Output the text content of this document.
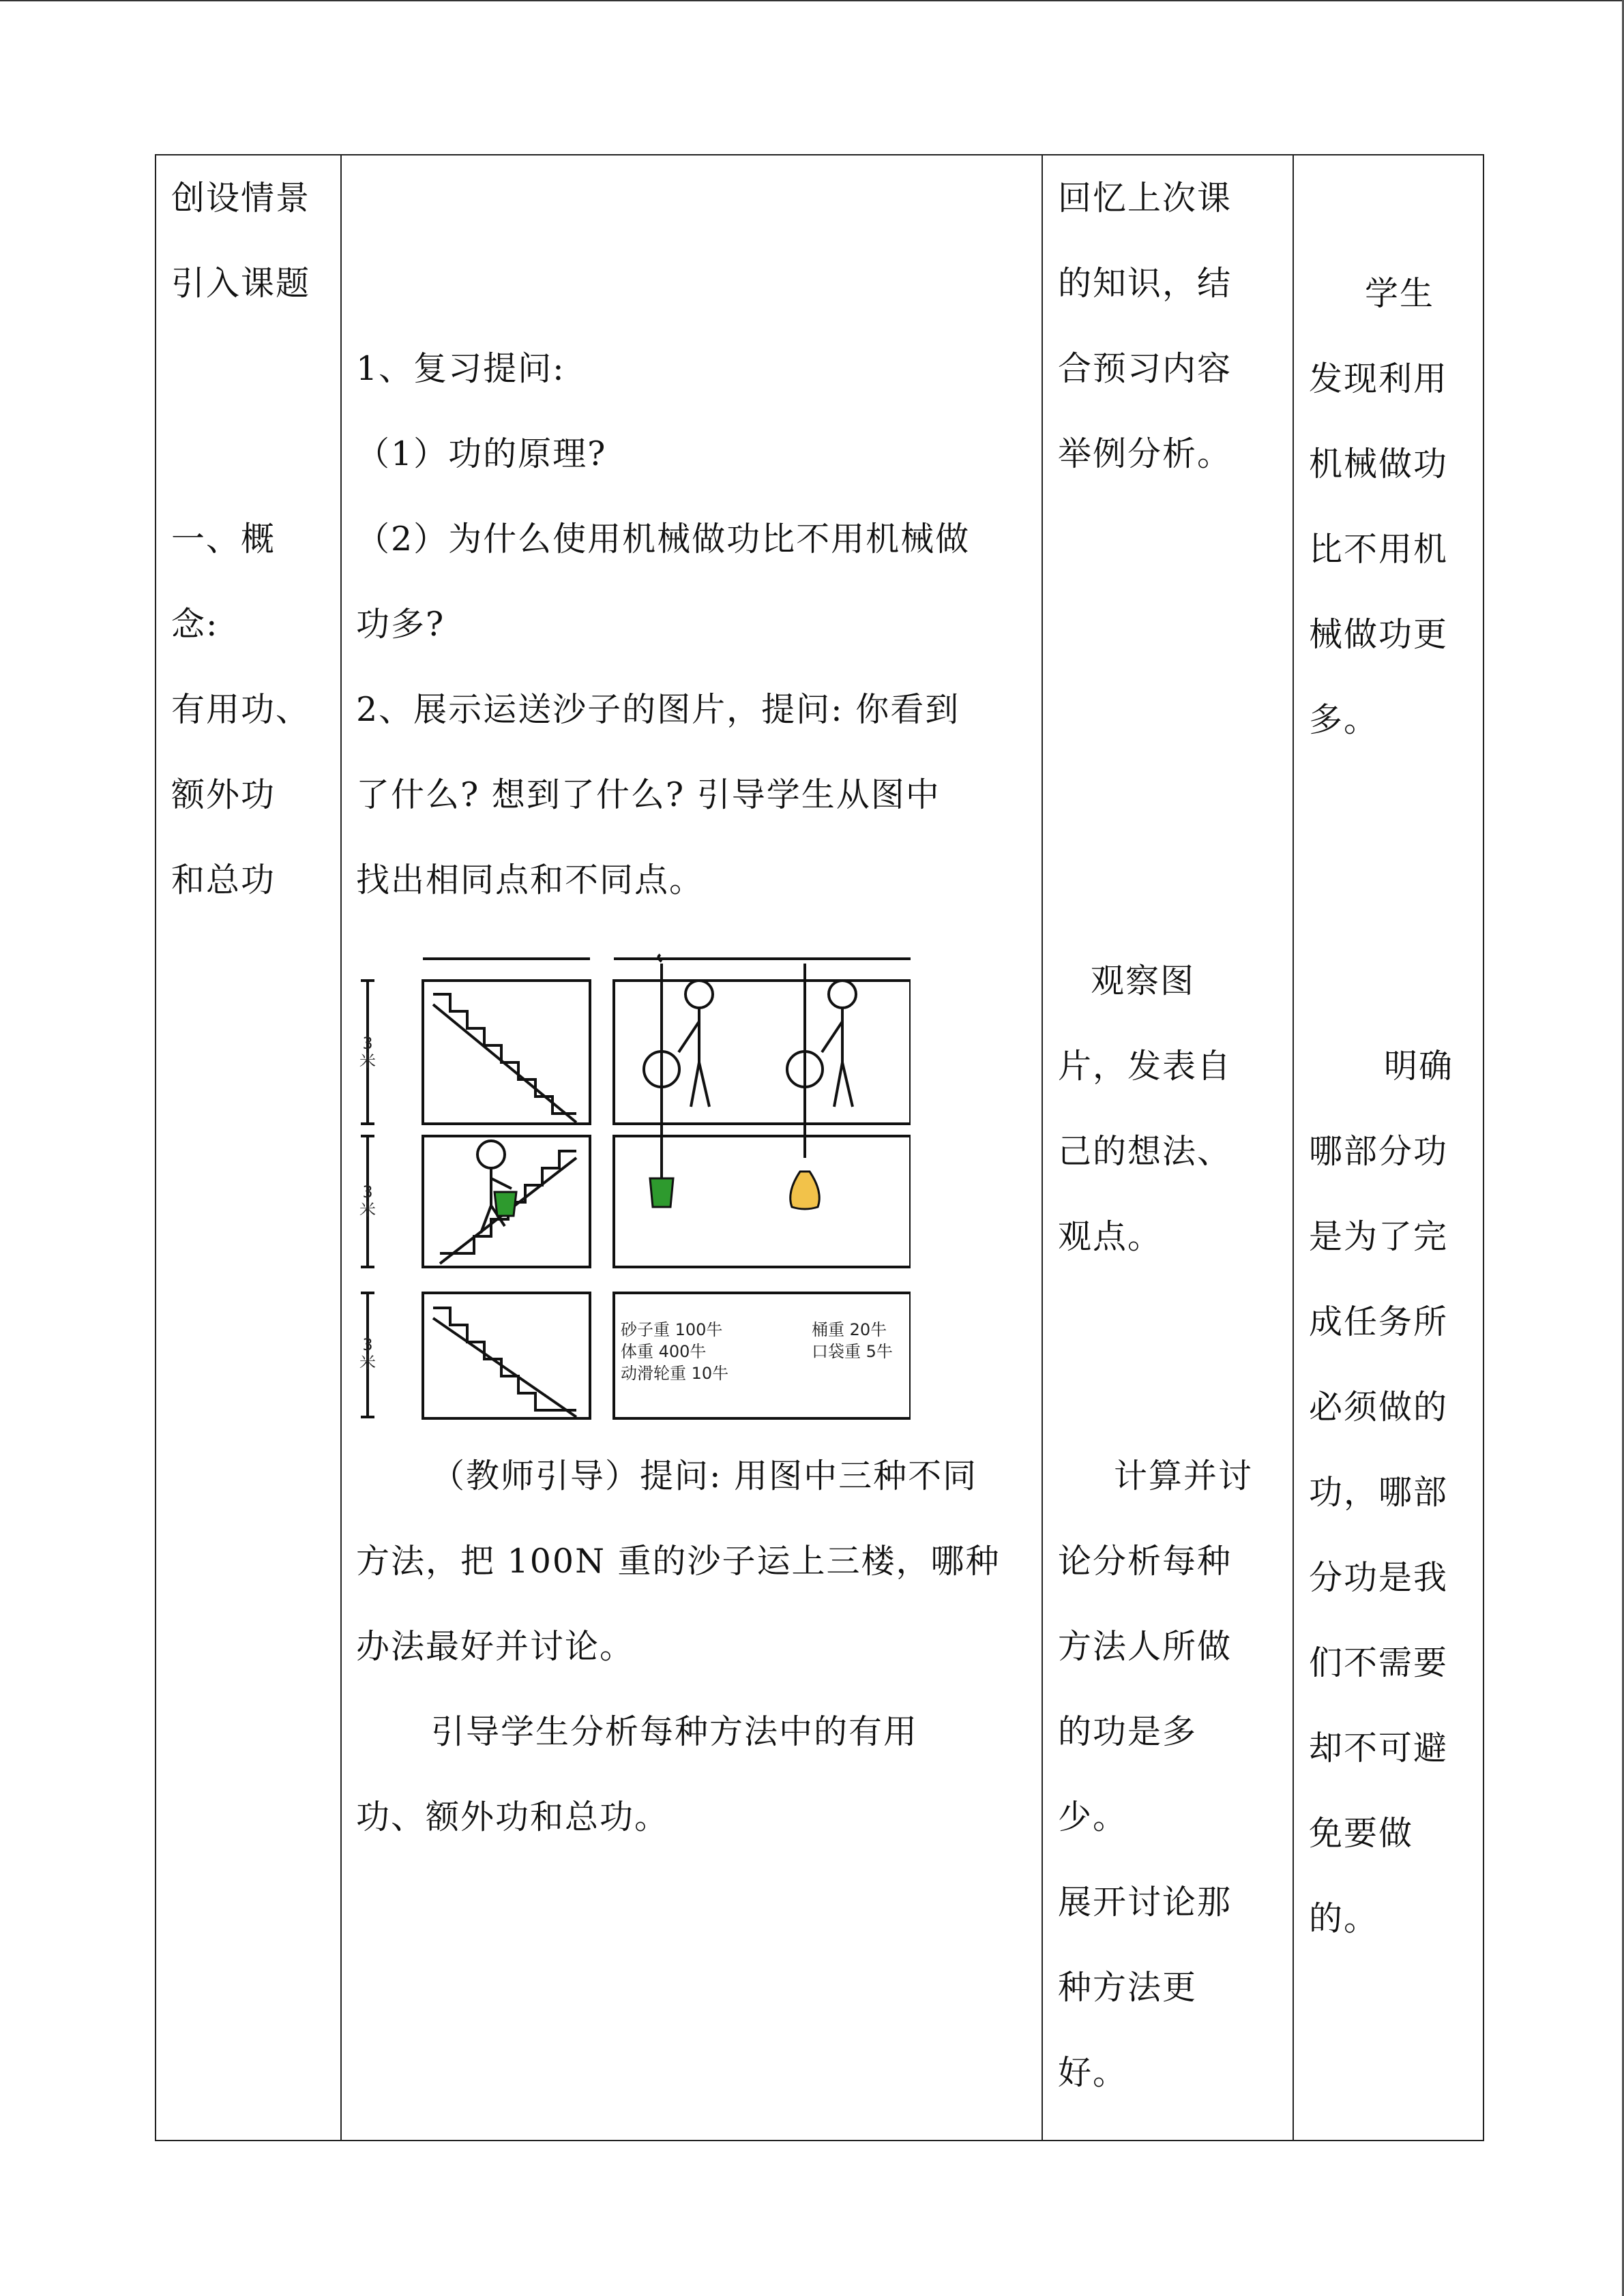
创设情景

引入课题

一、概

念:

有用功、

额外功

和总功

1、复习提问:

（1）功的原理?

（2）为什么使用机械做功比不用机械做

功多?

2、展示运送沙子的图片，提问: 你看到

了什么? 想到了什么? 引导学生从图中

找出相同点和不同点。

（教师引导）提问: 用图中三种不同

方法，把 100N 重的沙子运上三楼，哪种

办法最好并讨论。

引导学生分析每种方法中的有用

功、额外功和总功。

回忆上次课

的知识，结

合预习内容

举例分析。

观察图

片，发表自

己的想法、

观点。

计算并讨

论分析每种

方法人所做

的功是多

少。

展开讨论那

种方法更

好。

学生

发现利用

机械做功

比不用机

械做功更

多。

明确

哪部分功

是为了完

成任务所

必须做的

功，哪部

分功是我

们不需要

却不可避

免要做

的。

3
米
3
米
3
米
砂子重 100牛
体重 400牛
动滑轮重 10牛
桶重 20牛
口袋重 5牛
